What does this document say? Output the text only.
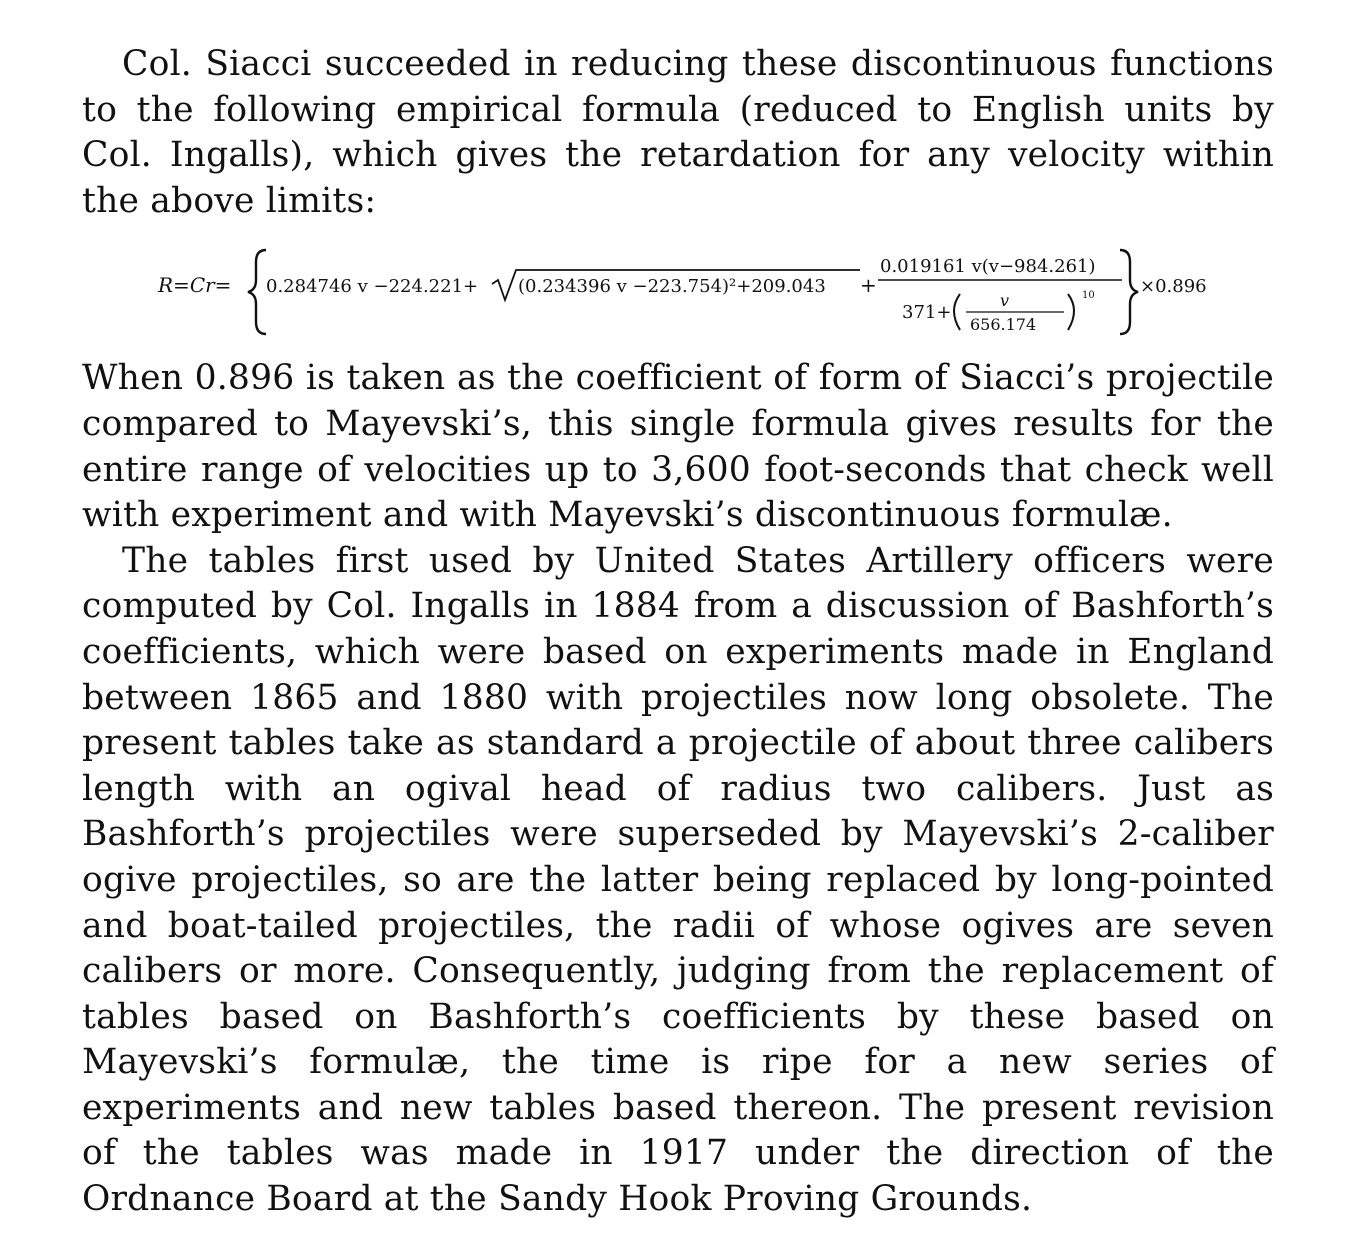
Col. Siacci succeeded in reducing these discontinuous functions to the following empirical formula (reduced to English units by Col. Ingalls), which gives the retardation for any velocity within the above limits:

R=Cr= 0.284746 v −224.221+ (0.234396 v −223.754)²+209.043 +
0.019161 v(v−984.261)
371+
v
656.174
10	×0.896

When 0.896 is taken as the coefficient of form of Siacci’s projectile compared to Mayevski’s, this single formula gives results for the entire range of velocities up to 3,600 foot-seconds that check well with experiment and with Mayevski’s discontinuous formulæ.

The tables first used by United States Artillery officers were computed by Col. Ingalls in 1884 from a discussion of Bashforth’s coefficients, which were based on experiments made in England between 1865 and 1880 with projectiles now long obsolete. The present tables take as standard a projectile of about three calibers length with an ogival head of radius two calibers. Just as Bashforth’s projectiles were superseded by Mayevski’s 2-caliber ogive projectiles, so are the latter being replaced by long-pointed and boat-tailed projectiles, the radii of whose ogives are seven calibers or more. Consequently, judging from the replacement of tables based on Bashforth’s coefficients by these based on Mayevski’s formulæ, the time is ripe for a new series of experiments and new tables based thereon. The present revision of the tables was made in 1917 under the direction of the Ordnance Board at the Sandy Hook Proving Grounds.
